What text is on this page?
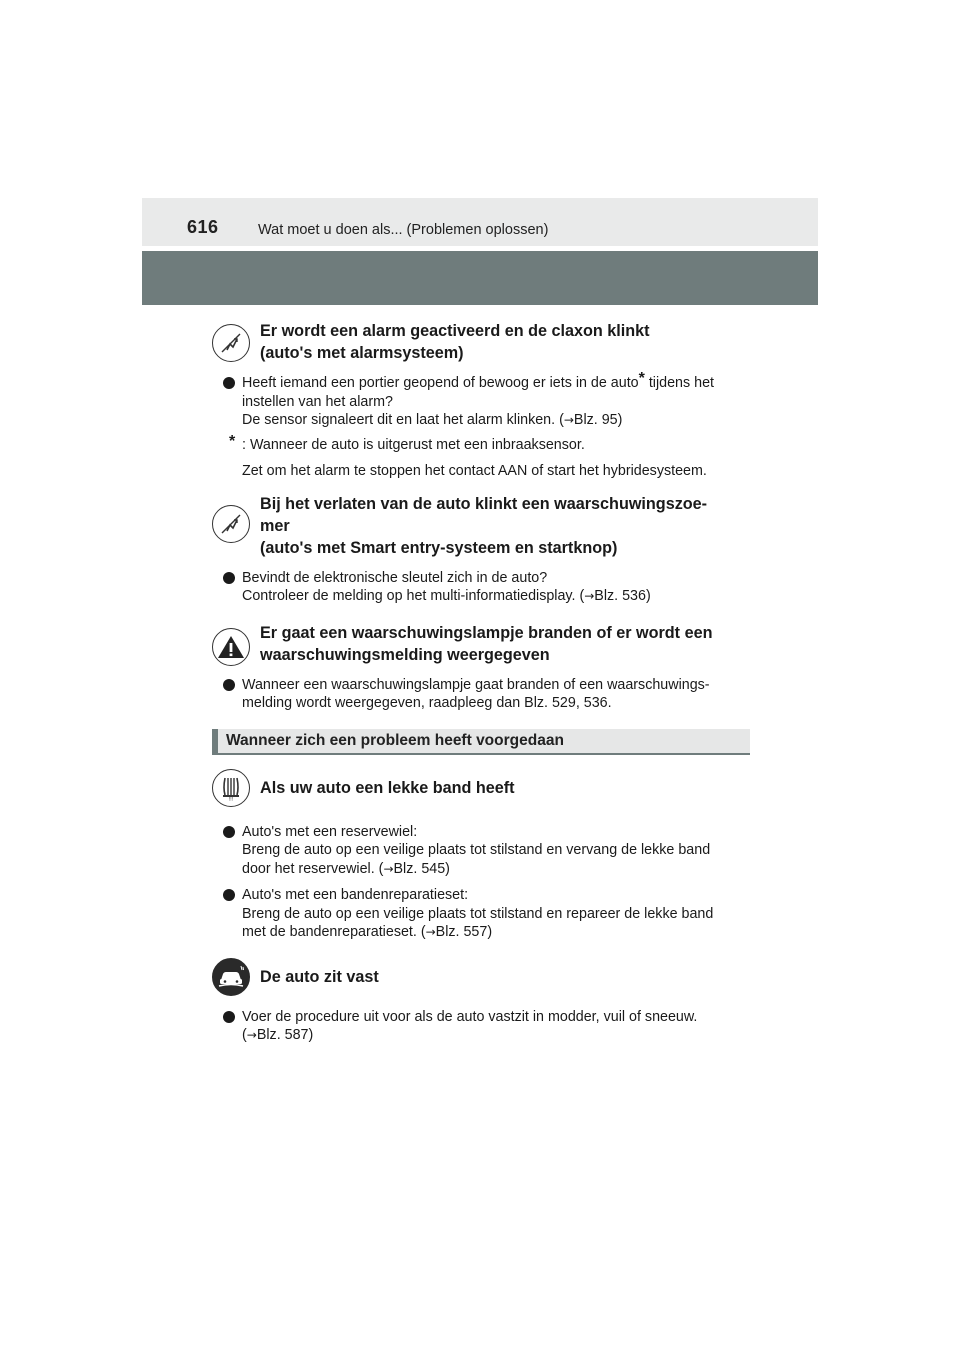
616	Wat moet u doen als... (Problemen oplossen)
Er wordt een alarm geactiveerd en de claxon klinkt
(auto's met alarmsysteem)
Heeft iemand een portier geopend of bewoog er iets in de auto* tijdens het
instellen van het alarm?
De sensor signaleert dit en laat het alarm klinken. (→Blz. 95)
* : Wanneer de auto is uitgerust met een inbraaksensor.
Zet om het alarm te stoppen het contact AAN of start het hybridesysteem.
Bij het verlaten van de auto klinkt een waarschuwingszoe-
mer
(auto's met Smart entry-systeem en startknop)
Bevindt de elektronische sleutel zich in de auto?
Controleer de melding op het multi-informatiedisplay. (→Blz. 536)
Er gaat een waarschuwingslampje branden of er wordt een
waarschuwingsmelding weergegeven
Wanneer een waarschuwingslampje gaat branden of een waarschuwings-
melding wordt weergegeven, raadpleeg dan Blz. 529, 536.
Wanneer zich een probleem heeft voorgedaan
!!!
Als uw auto een lekke band heeft
Auto's met een reservewiel:
Breng de auto op een veilige plaats tot stilstand en vervang de lekke band
door het reservewiel. (→Blz. 545)
Auto's met een bandenreparatieset:
Breng de auto op een veilige plaats tot stilstand en repareer de lekke band
met de bandenreparatieset. (→Blz. 557)
De auto zit vast
Voer de procedure uit voor als de auto vastzit in modder, vuil of sneeuw.
(→Blz. 587)
